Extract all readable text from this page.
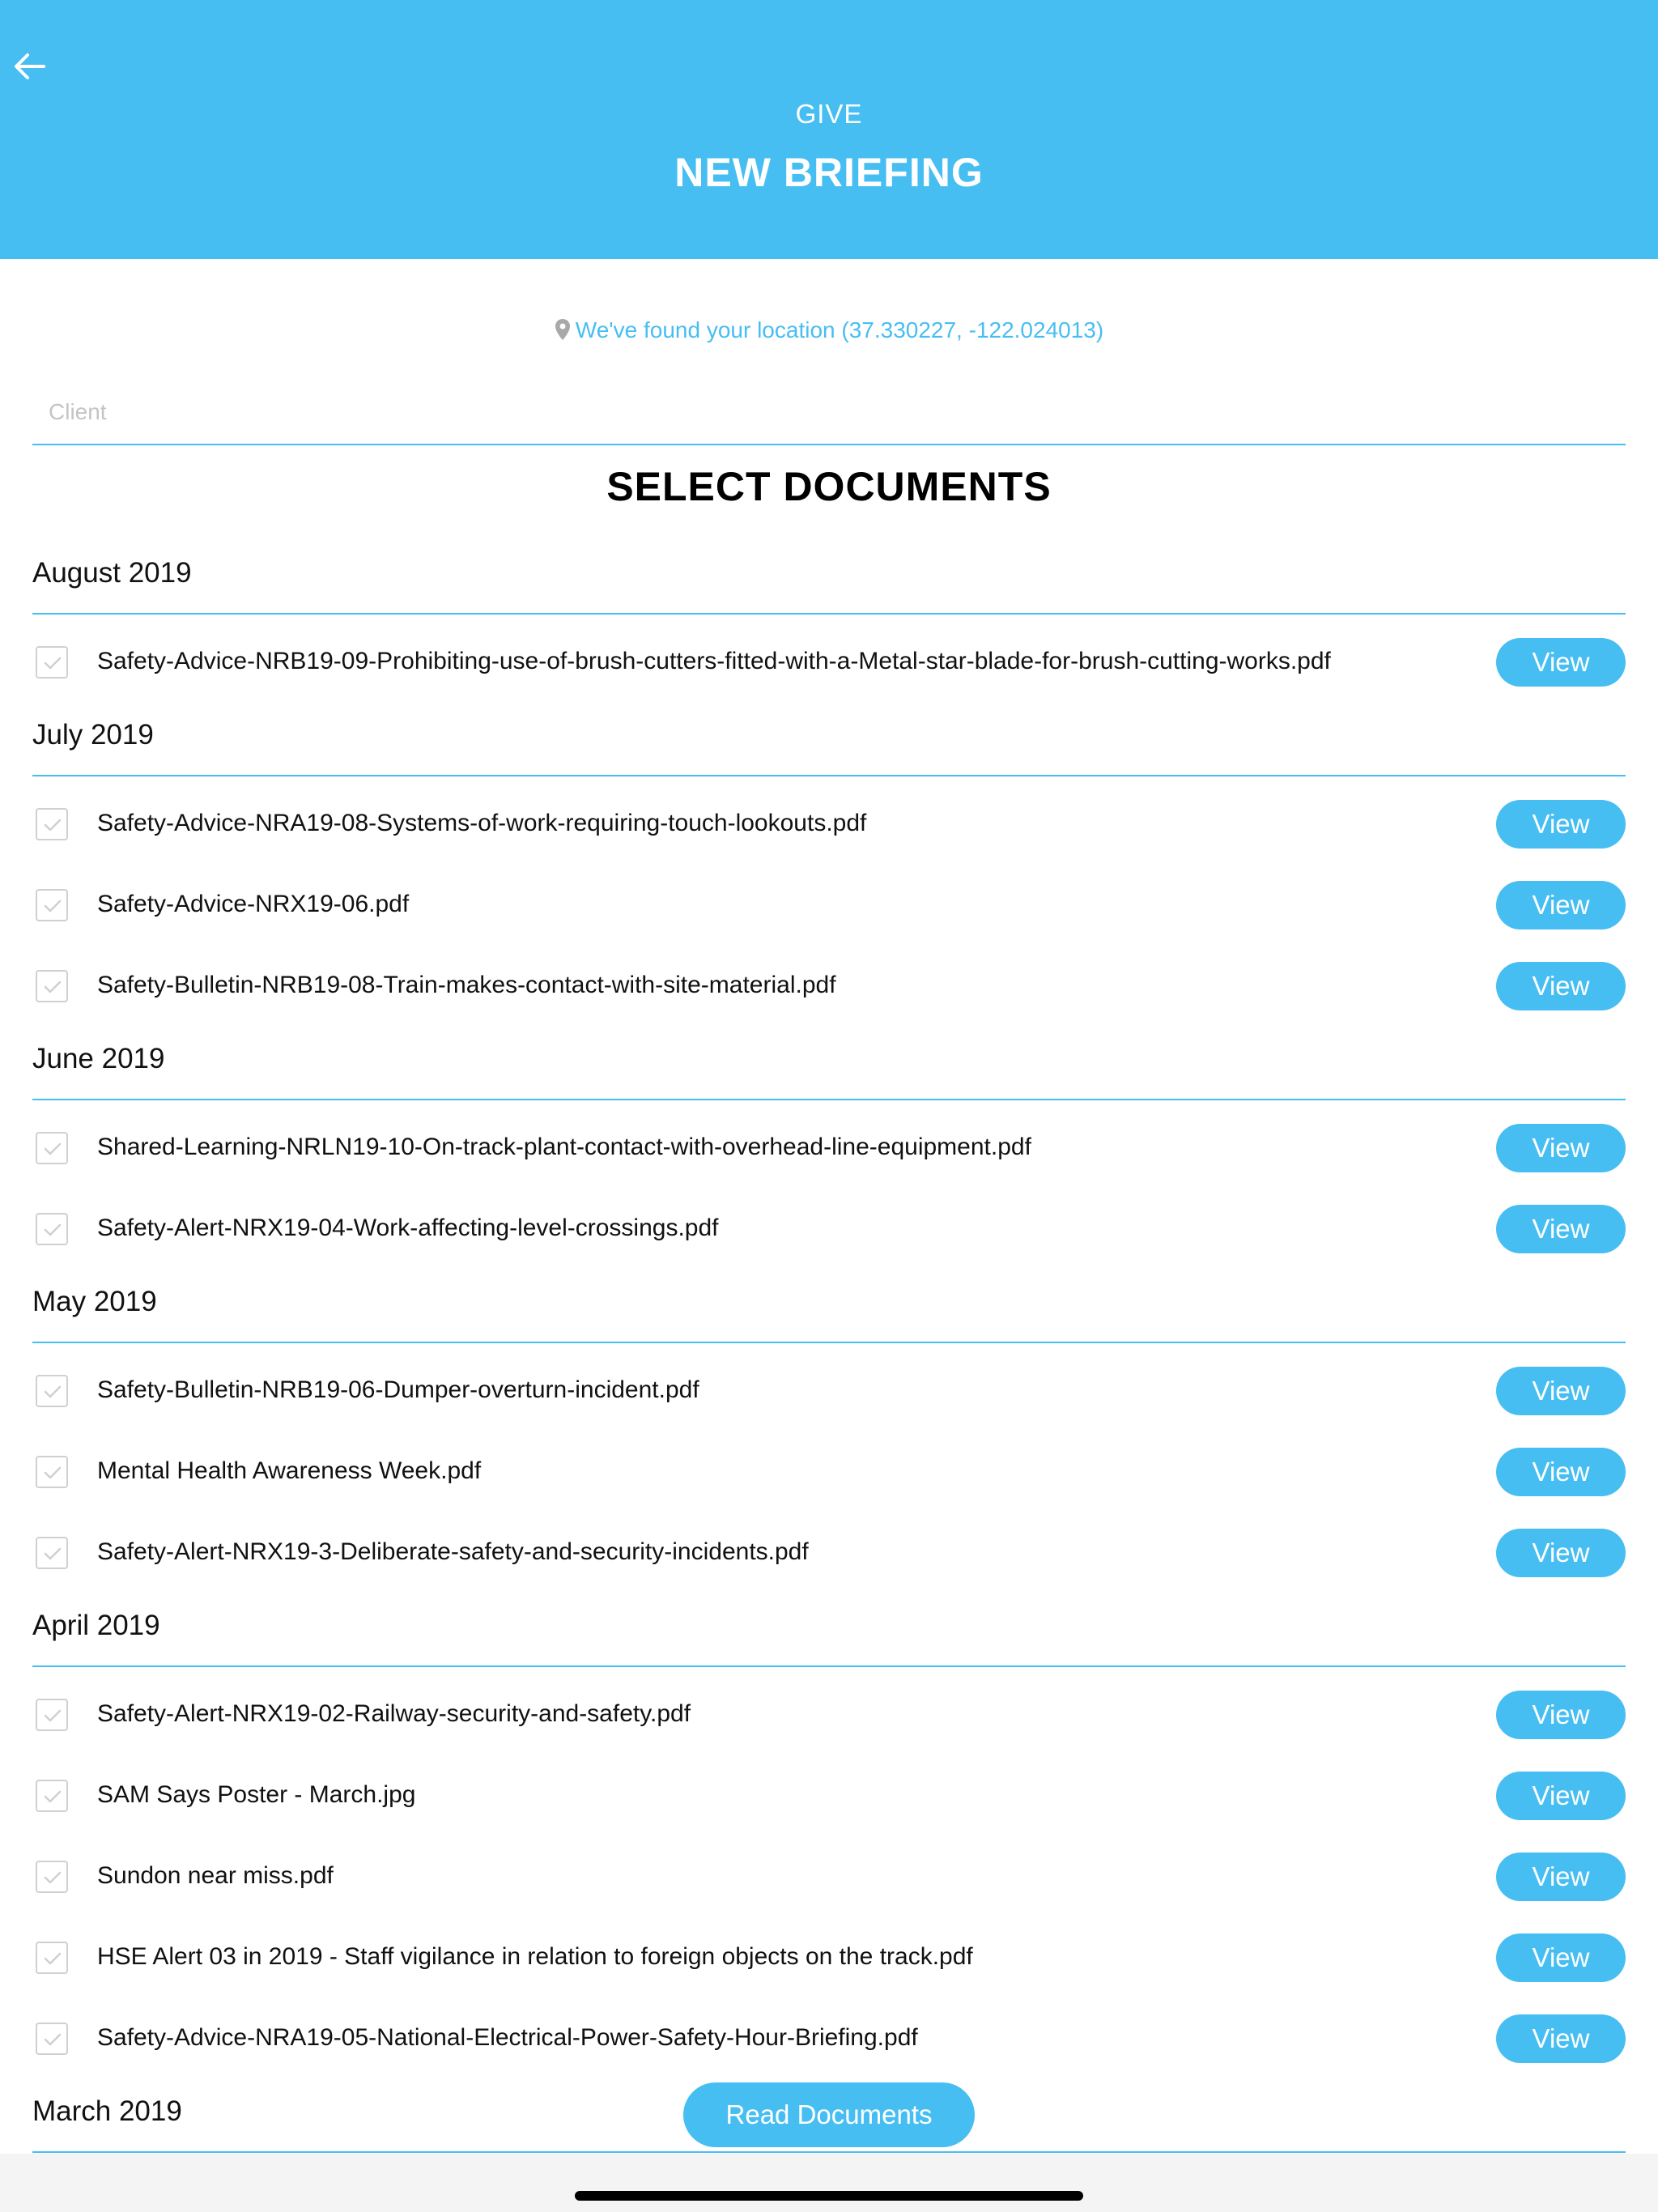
GIVE
NEW BRIEFING
We've found your location (37.330227, -122.024013)
Client
SELECT DOCUMENTS
August 2019
Safety-Advice-NRB19-09-Prohibiting-use-of-brush-cutters-fitted-with-a-Metal-star-blade-for-brush-cutting-works.pdf	View
July 2019
Safety-Advice-NRA19-08-Systems-of-work-requiring-touch-lookouts.pdf	View
Safety-Advice-NRX19-06.pdf	View
Safety-Bulletin-NRB19-08-Train-makes-contact-with-site-material.pdf	View
June 2019
Shared-Learning-NRLN19-10-On-track-plant-contact-with-overhead-line-equipment.pdf	View
Safety-Alert-NRX19-04-Work-affecting-level-crossings.pdf	View
May 2019
Safety-Bulletin-NRB19-06-Dumper-overturn-incident.pdf	View
Mental Health Awareness Week.pdf	View
Safety-Alert-NRX19-3-Deliberate-safety-and-security-incidents.pdf	View
April 2019
Safety-Alert-NRX19-02-Railway-security-and-safety.pdf	View
SAM Says Poster - March.jpg	View
Sundon near miss.pdf	View
HSE Alert 03 in 2019 - Staff vigilance in relation to foreign objects on the track.pdf	View
Safety-Advice-NRA19-05-National-Electrical-Power-Safety-Hour-Briefing.pdf	View
March 2019	Read Documents
